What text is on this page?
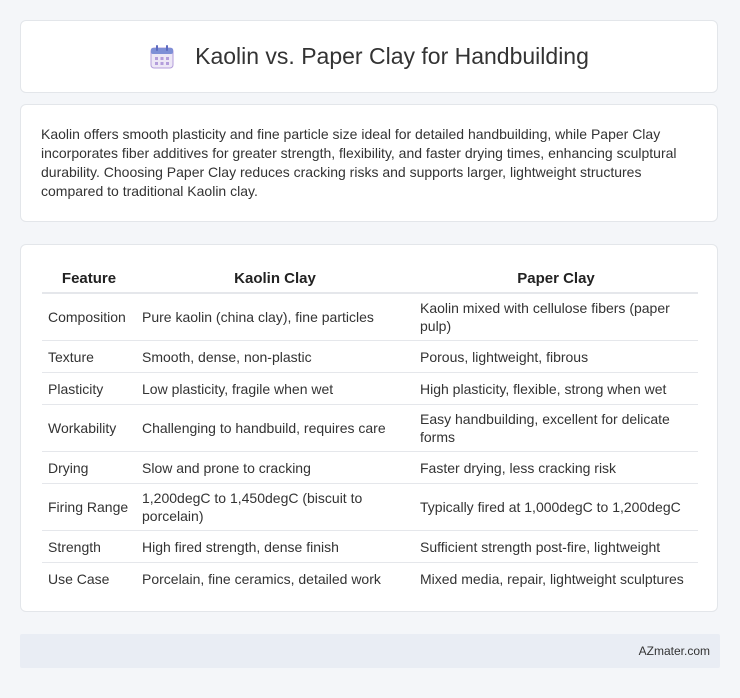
Kaolin vs. Paper Clay for Handbuilding

Kaolin offers smooth plasticity and fine particle size ideal for detailed handbuilding, while Paper Clay incorporates fiber additives for greater strength, flexibility, and faster drying times, enhancing sculptural durability. Choosing Paper Clay reduces cracking risks and supports larger, lightweight structures compared to traditional Kaolin clay.

Feature	Kaolin Clay	Paper Clay
Composition	Pure kaolin (china clay), fine particles	Kaolin mixed with cellulose fibers (paper pulp)
Texture	Smooth, dense, non-plastic	Porous, lightweight, fibrous
Plasticity	Low plasticity, fragile when wet	High plasticity, flexible, strong when wet
Workability	Challenging to handbuild, requires care	Easy handbuilding, excellent for delicate forms
Drying	Slow and prone to cracking	Faster drying, less cracking risk
Firing Range	1,200degC to 1,450degC (biscuit to porcelain)	Typically fired at 1,000degC to 1,200degC
Strength	High fired strength, dense finish	Sufficient strength post-fire, lightweight
Use Case	Porcelain, fine ceramics, detailed work	Mixed media, repair, lightweight sculptures
AZmater.com
